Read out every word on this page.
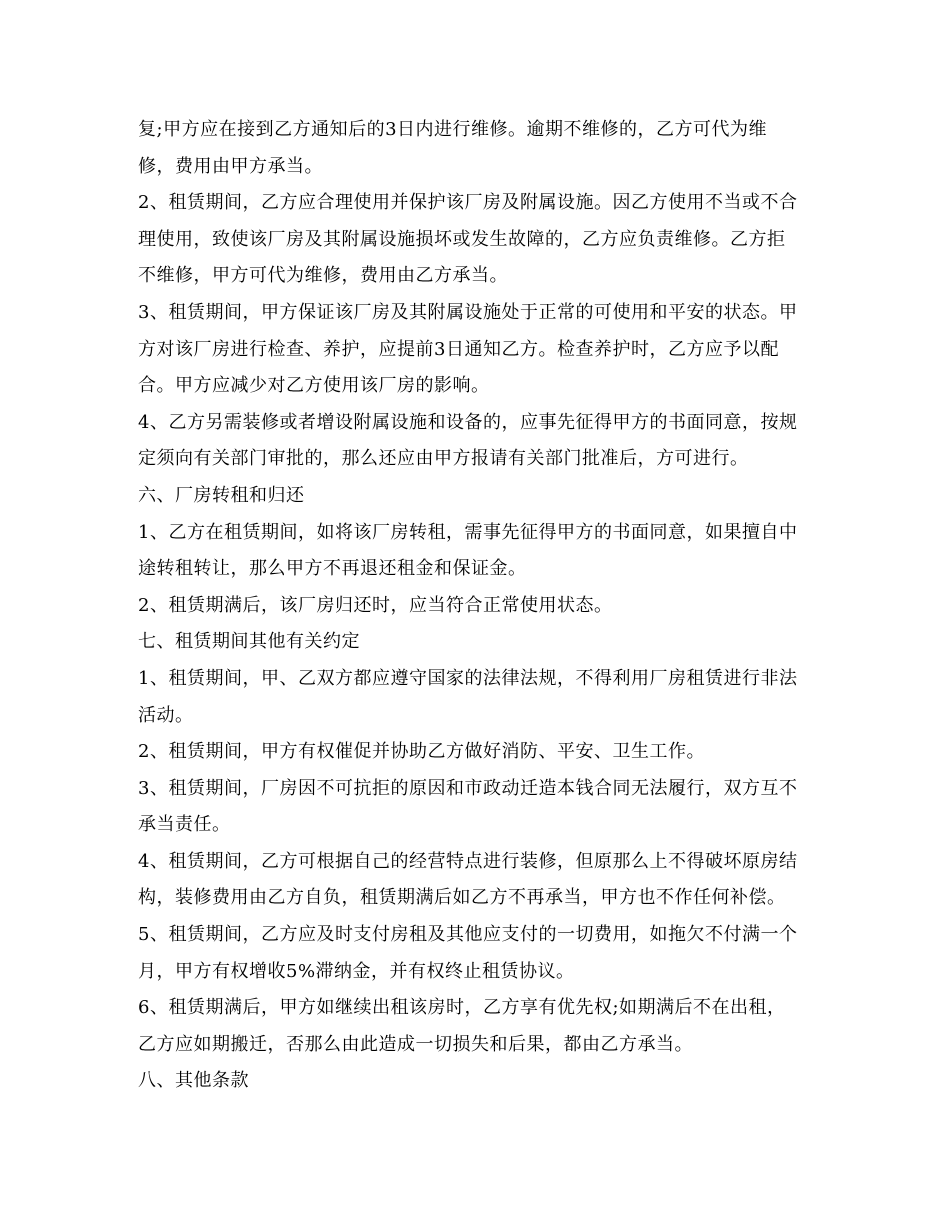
复;甲方应在接到乙方通知后的3日内进行维修。逾期不维修的，乙方可代为维
修，费用由甲方承当。
2、租赁期间，乙方应合理使用并保护该厂房及附属设施。因乙方使用不当或不合
理使用，致使该厂房及其附属设施损坏或发生故障的，乙方应负责维修。乙方拒
不维修，甲方可代为维修，费用由乙方承当。
3、租赁期间，甲方保证该厂房及其附属设施处于正常的可使用和平安的状态。甲
方对该厂房进行检查、养护，应提前3日通知乙方。检查养护时，乙方应予以配
合。甲方应减少对乙方使用该厂房的影响。
4、乙方另需装修或者增设附属设施和设备的，应事先征得甲方的书面同意，按规
定须向有关部门审批的，那么还应由甲方报请有关部门批准后，方可进行。
六、厂房转租和归还
1、乙方在租赁期间，如将该厂房转租，需事先征得甲方的书面同意，如果擅自中
途转租转让，那么甲方不再退还租金和保证金。
2、租赁期满后，该厂房归还时，应当符合正常使用状态。
七、租赁期间其他有关约定
1、租赁期间，甲、乙双方都应遵守国家的法律法规，不得利用厂房租赁进行非法
活动。
2、租赁期间，甲方有权催促并协助乙方做好消防、平安、卫生工作。
3、租赁期间，厂房因不可抗拒的原因和市政动迁造本钱合同无法履行，双方互不
承当责任。
4、租赁期间，乙方可根据自己的经营特点进行装修，但原那么上不得破坏原房结
构，装修费用由乙方自负，租赁期满后如乙方不再承当，甲方也不作任何补偿。
5、租赁期间，乙方应及时支付房租及其他应支付的一切费用，如拖欠不付满一个
月，甲方有权增收5%滞纳金，并有权终止租赁协议。
6、租赁期满后，甲方如继续出租该房时，乙方享有优先权;如期满后不在出租，
乙方应如期搬迁，否那么由此造成一切损失和后果，都由乙方承当。
八、其他条款
